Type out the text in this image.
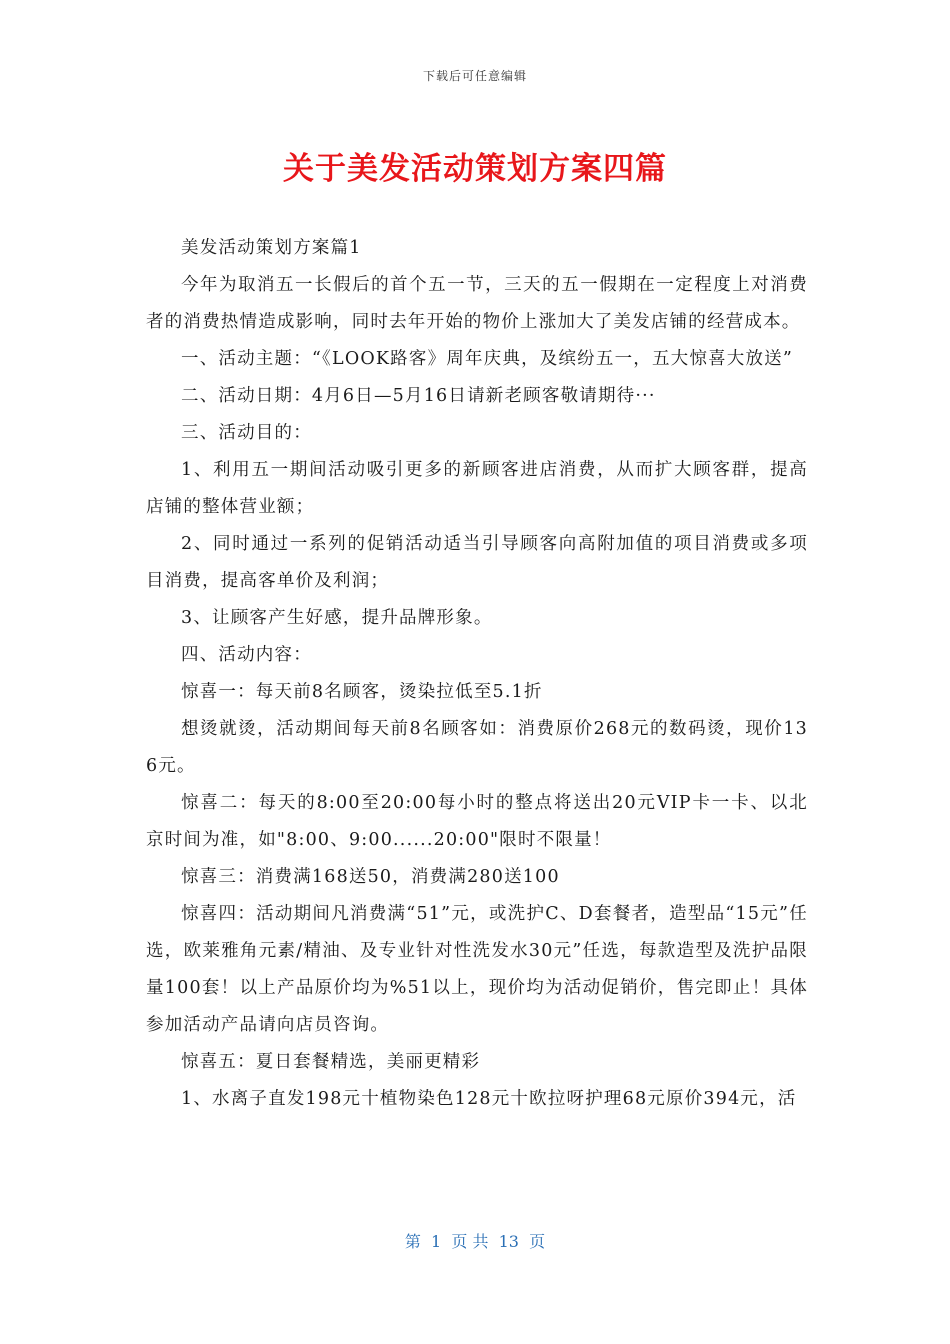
下载后可任意编辑
关于美发活动策划方案四篇

美发活动策划方案篇1

今年为取消五一长假后的首个五一节，三天的五一假期在一定程度上对消费者的消费热情造成影响，同时去年开始的物价上涨加大了美发店铺的经营成本。

一、活动主题：“《LOOK路客》周年庆典，及缤纷五一，五大惊喜大放送”

二、活动日期：4月6日—5月16日请新老顾客敬请期待···

三、活动目的：

1、利用五一期间活动吸引更多的新顾客进店消费，从而扩大顾客群，提高店铺的整体营业额；

2、同时通过一系列的促销活动适当引导顾客向高附加值的项目消费或多项目消费，提高客单价及利润；

3、让顾客产生好感，提升品牌形象。

四、活动内容：

惊喜一：每天前8名顾客，烫染拉低至5.1折

想烫就烫，活动期间每天前8名顾客如：消费原价268元的数码烫，现价136元。

惊喜二：每天的8:00至20:00每小时的整点将送出20元VIP卡一卡、以北京时间为准，如"8:00、9:00......20:00"限时不限量！

惊喜三：消费满168送50，消费满280送100

惊喜四：活动期间凡消费满“51”元，或洗护C、D套餐者，造型品“15元”任选，欧莱雅角元素/精油、及专业针对性洗发水30元”任选，每款造型及洗护品限量100套！以上产品原价均为%51以上，现价均为活动促销价，售完即止！具体参加活动产品请向店员咨询。

惊喜五：夏日套餐精选，美丽更精彩

1、水离子直发198元十植物染色128元十欧拉呀护理68元原价394元，活

第  1  页 共  13  页
